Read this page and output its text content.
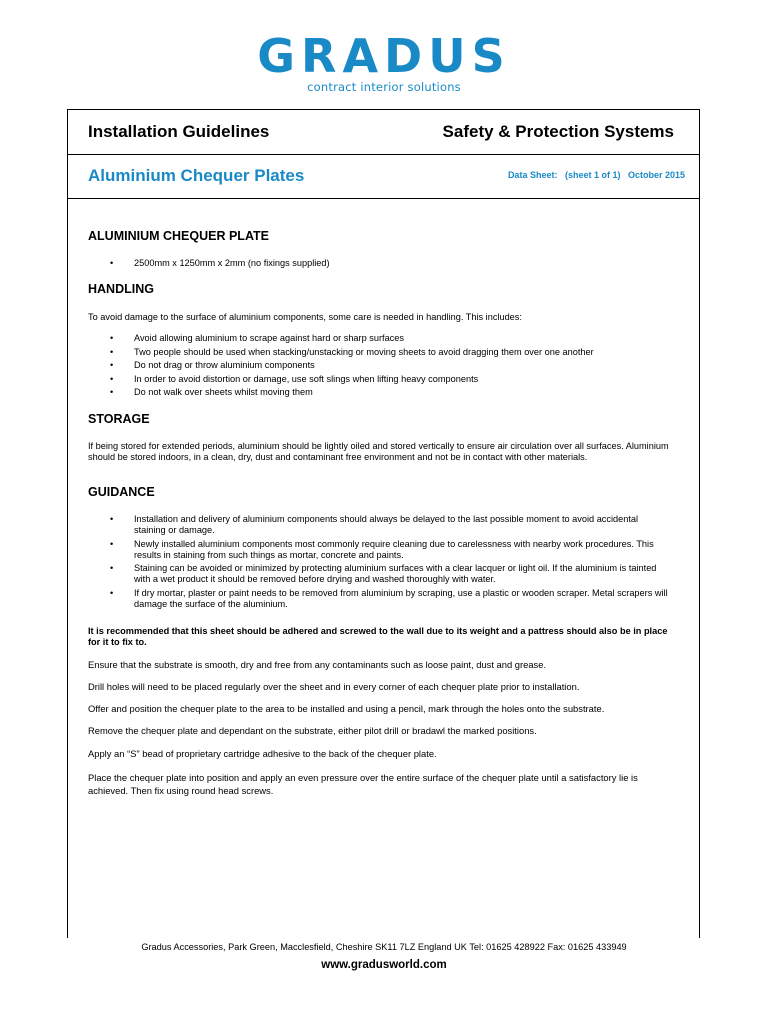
GRADUS
contract interior solutions
Installation Guidelines	Safety & Protection Systems
Aluminium Chequer Plates	Data Sheet:   (sheet 1 of 1)   October 2015
ALUMINIUM CHEQUER PLATE
• 2500mm x 1250mm x 2mm (no fixings supplied)
HANDLING
To avoid damage to the surface of aluminium components, some care is needed in handling. This includes:
• Avoid allowing aluminium to scrape against hard or sharp surfaces
• Two people should be used when stacking/unstacking or moving sheets to avoid dragging them over one another
• Do not drag or throw aluminium components
• In order to avoid distortion or damage, use soft slings when lifting heavy components
• Do not walk over sheets whilst moving them
STORAGE
If being stored for extended periods, aluminium should be lightly oiled and stored vertically to ensure air circulation over all surfaces. Aluminium should be stored indoors, in a clean, dry, dust and contaminant free environment and not be in contact with other materials.
GUIDANCE
• Installation and delivery of aluminium components should always be delayed to the last possible moment to avoid accidental staining or damage.
• Newly installed aluminium components most commonly require cleaning due to carelessness with nearby work procedures. This results in staining from such things as mortar, concrete and paints.
• Staining can be avoided or minimized by protecting aluminium surfaces with a clear lacquer or light oil. If the aluminium is tainted with a wet product it should be removed before drying and washed thoroughly with water.
• If dry mortar, plaster or paint needs to be removed from aluminium by scraping, use a plastic or wooden scraper. Metal scrapers will damage the surface of the aluminium.
It is recommended that this sheet should be adhered and screwed to the wall due to its weight and a pattress should also be in place for it to fix to.
Ensure that the substrate is smooth, dry and free from any contaminants such as loose paint, dust and grease.
Drill holes will need to be placed regularly over the sheet and in every corner of each chequer plate prior to installation.
Offer and position the chequer plate to the area to be installed and using a pencil, mark through the holes onto the substrate.
Remove the chequer plate and dependant on the substrate, either pilot drill or bradawl the marked positions.
Apply an “S” bead of proprietary cartridge adhesive to the back of the chequer plate.
Place the chequer plate into position and apply an even pressure over the entire surface of the chequer plate until a satisfactory lie is achieved. Then fix using round head screws.
Gradus Accessories, Park Green, Macclesfield, Cheshire SK11 7LZ England UK Tel: 01625 428922 Fax: 01625 433949
www.gradusworld.com
